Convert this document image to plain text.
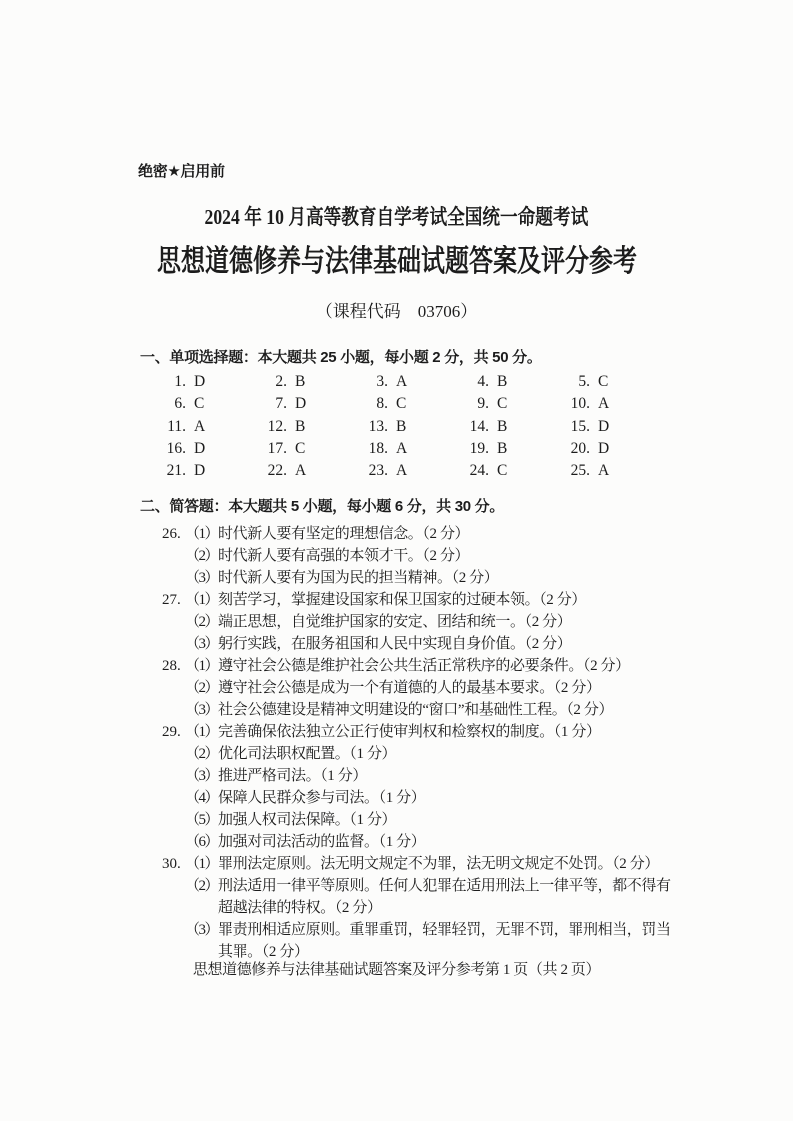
绝密★启用前
2024 年 10 月高等教育自学考试全国统一命题考试
思想道德修养与法律基础试题答案及评分参考
（课程代码　03706）
一、单项选择题：本大题共 25 小题，每小题 2 分，共 50 分。
1. D	2. B	3. A	4. B	5. C
6. C	7. D	8. C	9. C	10. A
11. A	12. B	13. B	14. B	15. D
16. D	17. C	18. A	19. B	20. D
21. D	22. A	23. A	24. C	25. A
二、简答题：本大题共 5 小题，每小题 6 分，共 30 分。
26. （1） 时代新人要有坚定的理想信念。（2 分）
（2） 时代新人要有高强的本领才干。（2 分）
（3） 时代新人要有为国为民的担当精神。（2 分）
27. （1） 刻苦学习，掌握建设国家和保卫国家的过硬本领。（2 分）
（2） 端正思想，自觉维护国家的安定、团结和统一。（2 分）
（3） 躬行实践，在服务祖国和人民中实现自身价值。（2 分）
28. （1） 遵守社会公德是维护社会公共生活正常秩序的必要条件。（2 分）
（2） 遵守社会公德是成为一个有道德的人的最基本要求。（2 分）
（3） 社会公德建设是精神文明建设的“窗口”和基础性工程。（2 分）
29. （1） 完善确保依法独立公正行使审判权和检察权的制度。（1 分）
（2） 优化司法职权配置。（1 分）
（3） 推进严格司法。（1 分）
（4） 保障人民群众参与司法。（1 分）
（5） 加强人权司法保障。（1 分）
（6） 加强对司法活动的监督。（1 分）
30. （1） 罪刑法定原则。法无明文规定不为罪，法无明文规定不处罚。（2 分）
（2） 刑法适用一律平等原则。任何人犯罪在适用刑法上一律平等，都不得有超越法律的特权。（2 分）
（3） 罪责刑相适应原则。重罪重罚，轻罪轻罚，无罪不罚，罪刑相当，罚当其罪。（2 分）
思想道德修养与法律基础试题答案及评分参考第 1 页（共 2 页）
